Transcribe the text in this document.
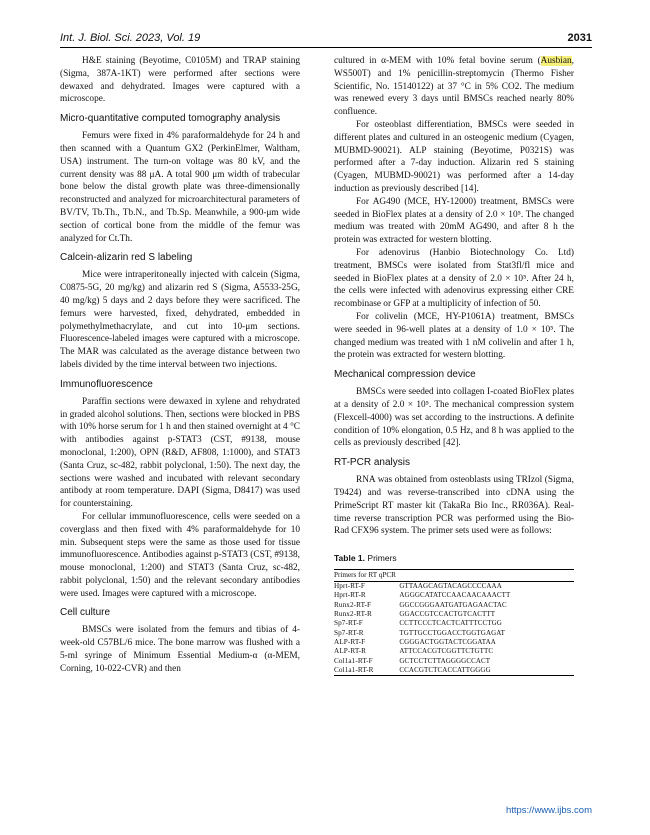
Int. J. Biol. Sci. 2023, Vol. 19	2031

H&E staining (Beyotime, C0105M) and TRAP staining (Sigma, 387A-1KT) were performed after sections were dewaxed and dehydrated. Images were captured with a microscope.

Micro-quantitative computed tomography analysis

Femurs were fixed in 4% paraformaldehyde for 24 h and then scanned with a Quantum GX2 (PerkinElmer, Waltham, USA) instrument. The turn-on voltage was 80 kV, and the current density was 88 μA. A total 900 μm width of trabecular bone below the distal growth plate was three-dimensionally reconstructed and analyzed for microarchitectural parameters of BV/TV, Tb.Th., Tb.N., and Tb.Sp. Meanwhile, a 900-μm wide section of cortical bone from the middle of the femur was analyzed for Ct.Th.

Calcein-alizarin red S labeling

Mice were intraperitoneally injected with calcein (Sigma, C0875-5G, 20 mg/kg) and alizarin red S (Sigma, A5533-25G, 40 mg/kg) 5 days and 2 days before they were sacrificed. The femurs were harvested, fixed, dehydrated, embedded in polymethylmethacrylate, and cut into 10-μm sections. Fluorescence-labeled images were captured with a microscope. The MAR was calculated as the average distance between two labels divided by the time interval between two injections.

Immunofluorescence

Paraffin sections were dewaxed in xylene and rehydrated in graded alcohol solutions. Then, sections were blocked in PBS with 10% horse serum for 1 h and then stained overnight at 4 °C with antibodies against p-STAT3 (CST, #9138, mouse monoclonal, 1:200), OPN (R&D, AF808, 1:1000), and STAT3 (Santa Cruz, sc-482, rabbit polyclonal, 1:50). The next day, the sections were washed and incubated with relevant secondary antibody at room temperature. DAPI (Sigma, D8417) was used for counterstaining.

For cellular immunofluorescence, cells were seeded on a coverglass and then fixed with 4% paraformaldehyde for 10 min. Subsequent steps were the same as those used for tissue immunofluorescence. Antibodies against p-STAT3 (CST, #9138, mouse monoclonal, 1:200) and STAT3 (Santa Cruz, sc-482, rabbit polyclonal, 1:50) and the relevant secondary antibodies were used. Images were captured with a microscope.

Cell culture

BMSCs were isolated from the femurs and tibias of 4-week-old C57BL/6 mice. The bone marrow was flushed with a 5-ml syringe of Minimum Essential Medium-α (α-MEM, Corning, 10-022-CVR) and then

cultured in α-MEM with 10% fetal bovine serum (Ausbian, WS500T) and 1% penicillin-streptomycin (Thermo Fisher Scientific, No. 15140122) at 37 °C in 5% CO2. The medium was renewed every 3 days until BMSCs reached nearly 80% confluence.

For osteoblast differentiation, BMSCs were seeded in different plates and cultured in an osteogenic medium (Cyagen, MUBMD-90021). ALP staining (Beyotime, P0321S) was performed after a 7-day induction. Alizarin red S staining (Cyagen, MUBMD-90021) was performed after a 14-day induction as previously described [14].

For AG490 (MCE, HY-12000) treatment, BMSCs were seeded in BioFlex plates at a density of 2.0 × 10⁵. The changed medium was treated with 20mM AG490, and after 8 h the protein was extracted for western blotting.

For adenovirus (Hanbio Biotechnology Co. Ltd) treatment, BMSCs were isolated from Stat3fl/fl mice and seeded in BioFlex plates at a density of 2.0 × 10⁵. After 24 h, the cells were infected with adenovirus expressing either CRE recombinase or GFP at a multiplicity of infection of 50.

For colivelin (MCE, HY-P1061A) treatment, BMSCs were seeded in 96-well plates at a density of 1.0 × 10⁵. The changed medium was treated with 1 nM colivelin and after 1 h, the protein was extracted for western blotting.

Mechanical compression device

BMSCs were seeded into collagen I-coated BioFlex plates at a density of 2.0 × 10⁵. The mechanical compression system (Flexcell-4000) was set according to the instructions. A definite condition of 10% elongation, 0.5 Hz, and 8 h was applied to the cells as previously described [42].

RT-PCR analysis

RNA was obtained from osteoblasts using TRIzol (Sigma, T9424) and was reverse-transcribed into cDNA using the PrimeScript RT master kit (TakaRa Bio Inc., RR036A). Real-time reverse transcription PCR was performed using the Bio-Rad CFX96 system. The primer sets used were as follows:

Table 1. Primers
Primers for RT qPCR	
Hprt-RT-F	GTTAAGCAGTACAGCCCCAAA
Hprt-RT-R	AGGGCATATCCAACAACAAACTT
Runx2-RT-F	GGCCGGGAATGATGAGAACTAC
Runx2-RT-R	GGACCGTCCACTGTCACTTT
Sp7-RT-F	CCTTCCCTCACTCATTTCCTGG
Sp7-RT-R	TGTTGCCTGGACCTGGTGAGAT
ALP-RT-F	CGGGACTGGTACTCGGATAA
ALP-RT-R	ATTCCACGTCGGTTCTGTTC
Col1a1-RT-F	GCTCCTCTTAGGGGCCACT
Col1a1-RT-R	CCACGTCTCACCATTGGGG
https://www.ijbs.com
